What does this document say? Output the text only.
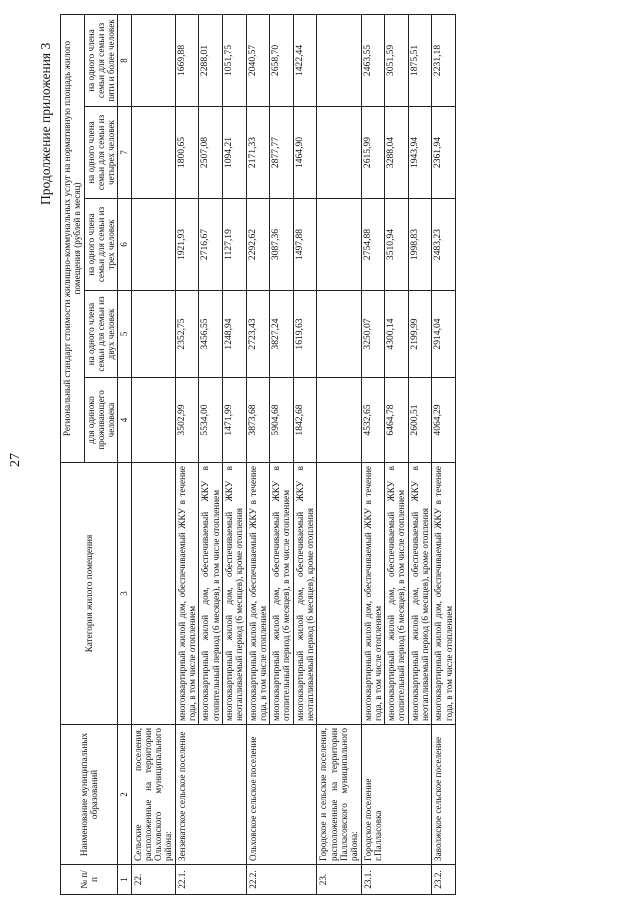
27
Продолжение приложения 3
№ п/п	Наименование муниципальных образований	Категория жилого помещения	Региональный стандарт стоимости жилищно-коммунальных услуг на нормативную площадь жилого помещения (рублей в месяц)				
			для одиноко проживающего человека	на одного члена семьи для семьи из двух человек	на одного члена семьи для семьи из трех человек	на одного члена семьи для семьи из четырех человек	на одного члена семьи для семьи из пяти и более человек
1	2	3	4	5	6	7	8
22.	Сельские поселения, расположенные на территории Ольховского муниципального района:						
22.1.	Зензеватское сельское поселение	многоквартирный жилой дом, обеспечиваемый ЖКУ в течение года, в том числе отоплением	3502,99	2352,75	1921,93	1800,65	1669,88
		многоквартирный жилой дом, обеспечиваемый ЖКУ в отопительный период (6 месяцев), в том числе отоплением	5534,00	3456,55	2716,67	2507,08	2288,01
		многоквартирный жилой дом, обеспечиваемый ЖКУ в неотапливаемый период (6 месяцев), кроме отопления	1471,99	1248,94	1127,19	1094,21	1051,75
22.2.	Ольховское сельское поселение	многоквартирный жилой дом, обеспечиваемый ЖКУ в течение года, в том числе отоплением	3873,68	2723,43	2292,62	2171,33	2040,57
		многоквартирный жилой дом, обеспечиваемый ЖКУ в отопительный период (6 месяцев), в том числе отоплением	5904,68	3827,24	3087,36	2877,77	2658,70
		многоквартирный жилой дом, обеспечиваемый ЖКУ в неотапливаемый период (6 месяцев), кроме отопления	1842,68	1619,63	1497,88	1464,90	1422,44
23.	Городское и сельские поселения, расположенные на территории Палласовского муниципального района:						
23.1.	Городское поселение г.Палласовка	многоквартирный жилой дом, обеспечиваемый ЖКУ в течение года, в том числе отоплением	4532,65	3250,07	2754,88	2615,99	2463,55
		многоквартирный жилой дом, обеспечиваемый ЖКУ в отопительный период (6 месяцев), в том числе отоплением	6464,78	4300,14	3510,94	3288,04	3051,59
		многоквартирный жилой дом, обеспечиваемый ЖКУ в неотапливаемый период (6 месяцев), кроме отопления	2600,51	2199,99	1998,83	1943,94	1875,51
23.2.	Заволжское сельское поселение	многоквартирный жилой дом, обеспечиваемый ЖКУ в течение года, в том числе отоплением	4064,29	2914,04	2483,23	2361,94	2231,18
